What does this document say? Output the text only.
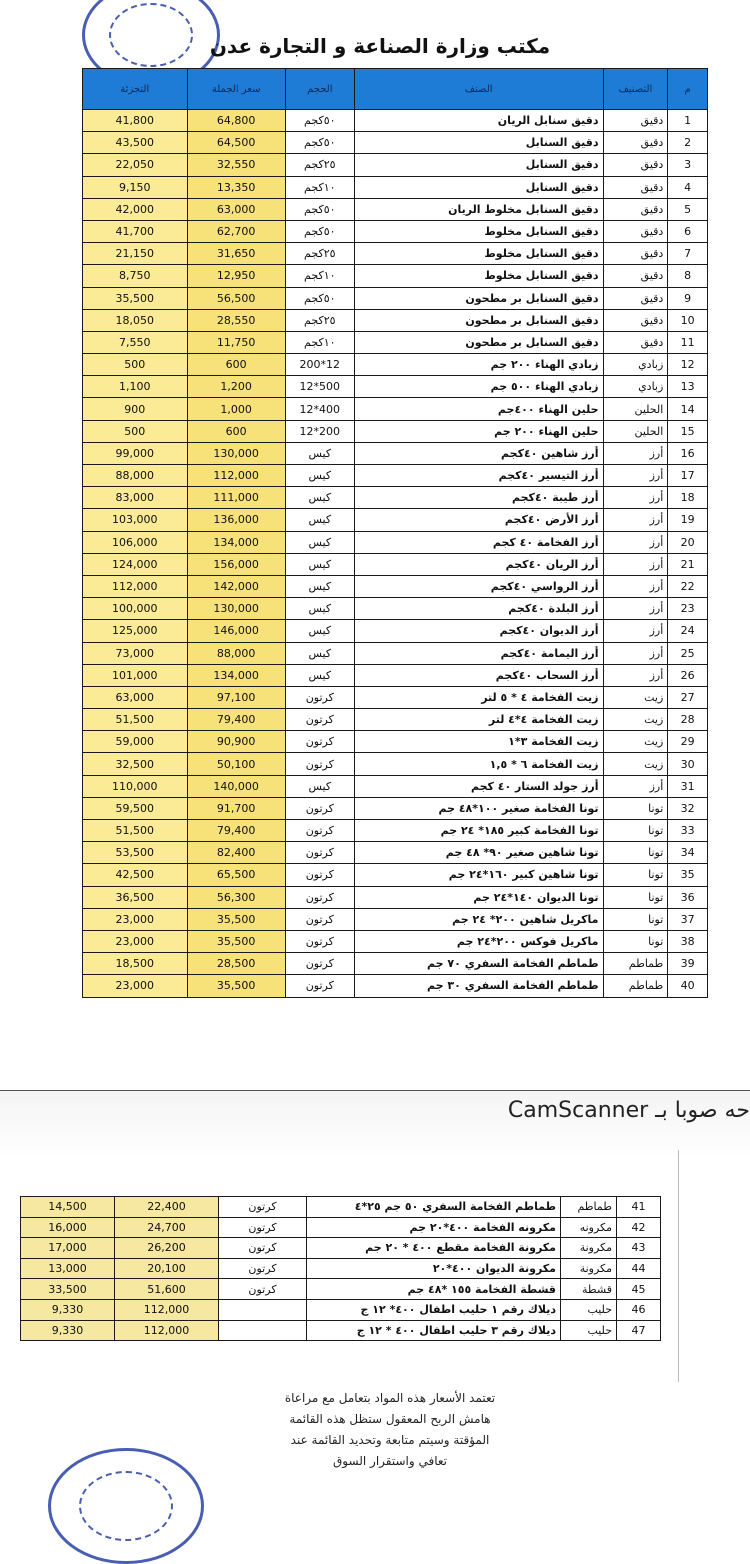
مكتب وزارة الصناعة و التجارة عدن
م	التصنيف	الصنف	الحجم	سعر الجملة	التجزئة
1	دقيق	دقيق سنابل الريان	٥٠كجم	64,800	41,800
2	دقيق	دقيق السنابل	٥٠كجم	64,500	43,500
3	دقيق	دقيق السنابل	٢٥كجم	32,550	22,050
4	دقيق	دقيق السنابل	١٠كجم	13,350	9,150
5	دقيق	دقيق السنابل مخلوط الريان	٥٠كجم	63,000	42,000
6	دقيق	دقيق السنابل مخلوط	٥٠كجم	62,700	41,700
7	دقيق	دقيق السنابل مخلوط	٢٥كجم	31,650	21,150
8	دقيق	دقيق السنابل مخلوط	١٠كجم	12,950	8,750
9	دقيق	دقيق السنابل بر مطحون	٥٠كجم	56,500	35,500
10	دقيق	دقيق السنابل بر مطحون	٢٥كجم	28,550	18,050
11	دقيق	دقيق السنابل بر مطحون	١٠كجم	11,750	7,550
12	زبادي	زبادي الهناء ٢٠٠ جم	12*200	600	500
13	زبادي	زبادي الهناء ٥٠٠ جم	500*12	1,200	1,100
14	الحلين	حلين الهناء ٤٠٠جم	400*12	1,000	900
15	الحلين	حلين الهناء ٢٠٠ جم	200*12	600	500
16	أرز	أرز شاهين ٤٠كجم	كيس	130,000	99,000
17	أرز	أرز التيسير ٤٠كجم	كيس	112,000	88,000
18	أرز	أرز طيبة ٤٠كجم	كيس	111,000	83,000
19	أرز	أرز الأرض ٤٠كجم	كيس	136,000	103,000
20	أرز	أرز الفخامة ٤٠ كجم	كيس	134,000	106,000
21	أرز	أرز الريان ٤٠كجم	كيس	156,000	124,000
22	أرز	أرز الرواسي ٤٠كجم	كيس	142,000	112,000
23	أرز	أرز البلدة ٤٠كجم	كيس	130,000	100,000
24	أرز	أرز الديوان ٤٠كجم	كيس	146,000	125,000
25	أرز	أرز اليمامة ٤٠كجم	كيس	88,000	73,000
26	أرز	أرز السحاب ٤٠كجم	كيس	134,000	101,000
27	زيت	زيت الفخامة ٤ * ٥ لتر	كرتون	97,100	63,000
28	زيت	زيت الفخامة ٤*٤ لتر	كرتون	79,400	51,500
29	زيت	زيت الفخامة ٣*١	كرتون	90,900	59,000
30	زيت	زيت الفخامة ٦ * ١,٥	كرتون	50,100	32,500
31	أرز	أرز جولد الستار ٤٠ كجم	كيس	140,000	110,000
32	تونا	تونا الفخامة صغير ١٠٠*٤٨ جم	كرتون	91,700	59,500
33	تونا	تونا الفخامة كبير ١٨٥* ٢٤ جم	كرتون	79,400	51,500
34	تونا	تونا شاهين صغير ٩٠* ٤٨ جم	كرتون	82,400	53,500
35	تونا	تونا شاهين كبير ١٦٠*٢٤ جم	كرتون	65,500	42,500
36	تونا	تونا الديوان ١٤٠*٢٤ جم	كرتون	56,300	36,500
37	تونا	ماكريل شاهين ٢٠٠* ٢٤ جم	كرتون	35,500	23,000
38	تونا	ماكريل فوكس ٢٠٠*٢٤ جم	كرتون	35,500	23,000
39	طماطم	طماطم الفخامة السفري ٧٠ جم	كرتون	28,500	18,500
40	طماطم	طماطم الفخامة السفري ٣٠ جم	كرتون	35,500	23,000
CamScanner حه صوبا بـ
41	طماطم	طماطم الفخامة السفري ٥٠ جم ٢٥*٤	كرتون	22,400	14,500
42	مكرونه	مكرونه الفخامة ٤٠٠*٢٠ جم	كرتون	24,700	16,000
43	مكرونة	مكرونة الفخامة مقطع ٤٠٠ * ٢٠ جم	كرتون	26,200	17,000
44	مكرونة	مكرونة الديوان ٤٠٠*٢٠	كرتون	20,100	13,000
45	قشطة	قشطة الفخامة ١٥٥ *٤٨ جم	كرتون	51,600	33,500
46	حليب	ديلاك رقم ١ حليب اطفال ٤٠٠* ١٢ ج		112,000	9,330
47	حليب	ديلاك رقم ٣ حليب اطفال ٤٠٠ * ١٢ ج		112,000	9,330
تعتمد الأسعار هذه المواد بتعامل مع مراعاة
هامش الربح المعقول ستظل هذه القائمة
المؤقتة وسيتم متابعة وتحديد القائمة عند
تعافي واستقرار السوق
